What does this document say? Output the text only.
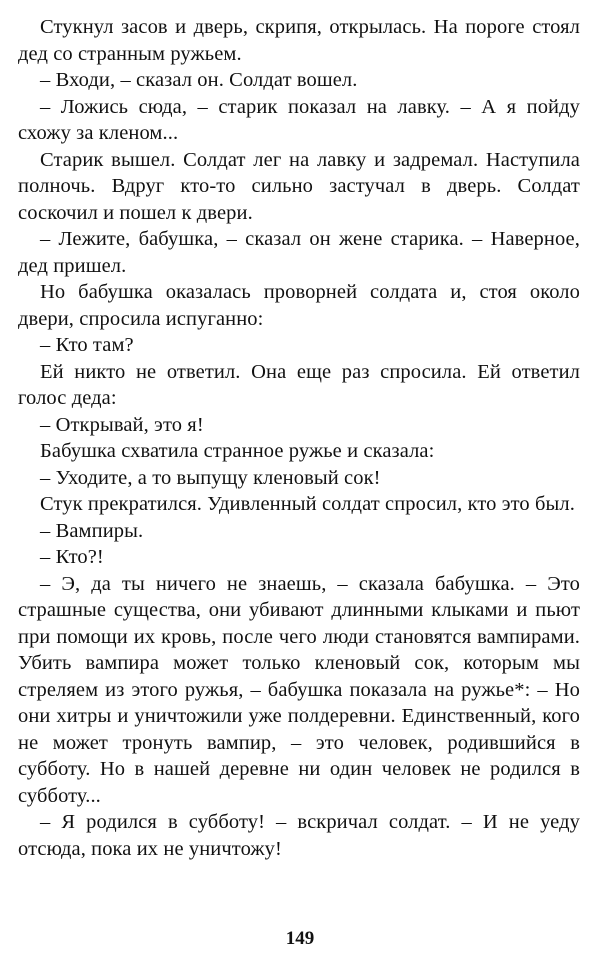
Стукнул засов и дверь, скрипя, открылась. На пороге стоял дед со странным ружьем.

– Входи, – сказал он. Солдат вошел.

– Ложись сюда, – старик показал на лавку. – А я пойду схожу за кленом...

Старик вышел. Солдат лег на лавку и задремал. Наступила полночь. Вдруг кто-то сильно застучал в дверь. Солдат соскочил и пошел к двери.

– Лежите, бабушка, – сказал он жене старика. – Наверное, дед пришел.

Но бабушка оказалась проворней солдата и, стоя около двери, спросила испуганно:

– Кто там?

Ей никто не ответил. Она еще раз спросила. Ей ответил голос деда:

– Открывай, это я!

Бабушка схватила странное ружье и сказала:

– Уходите, а то выпущу кленовый сок!

Стук прекратился. Удивленный солдат спросил, кто это был.

– Вампиры.

– Кто?!

– Э, да ты ничего не знаешь, – сказала бабушка. – Это страшные существа, они убивают длинными клыками и пьют при помощи их кровь, после чего люди становятся вампирами. Убить вампира может только кленовый сок, которым мы стреляем из этого ружья, – бабушка показала на ружье*: – Но они хитры и уничтожили уже полдеревни. Единственный, кого не может тронуть вампир, – это человек, родившийся в субботу. Но в нашей деревне ни один человек не родился в субботу...

– Я родился в субботу! – вскричал солдат. – И не уеду отсюда, пока их не уничтожу!

149
